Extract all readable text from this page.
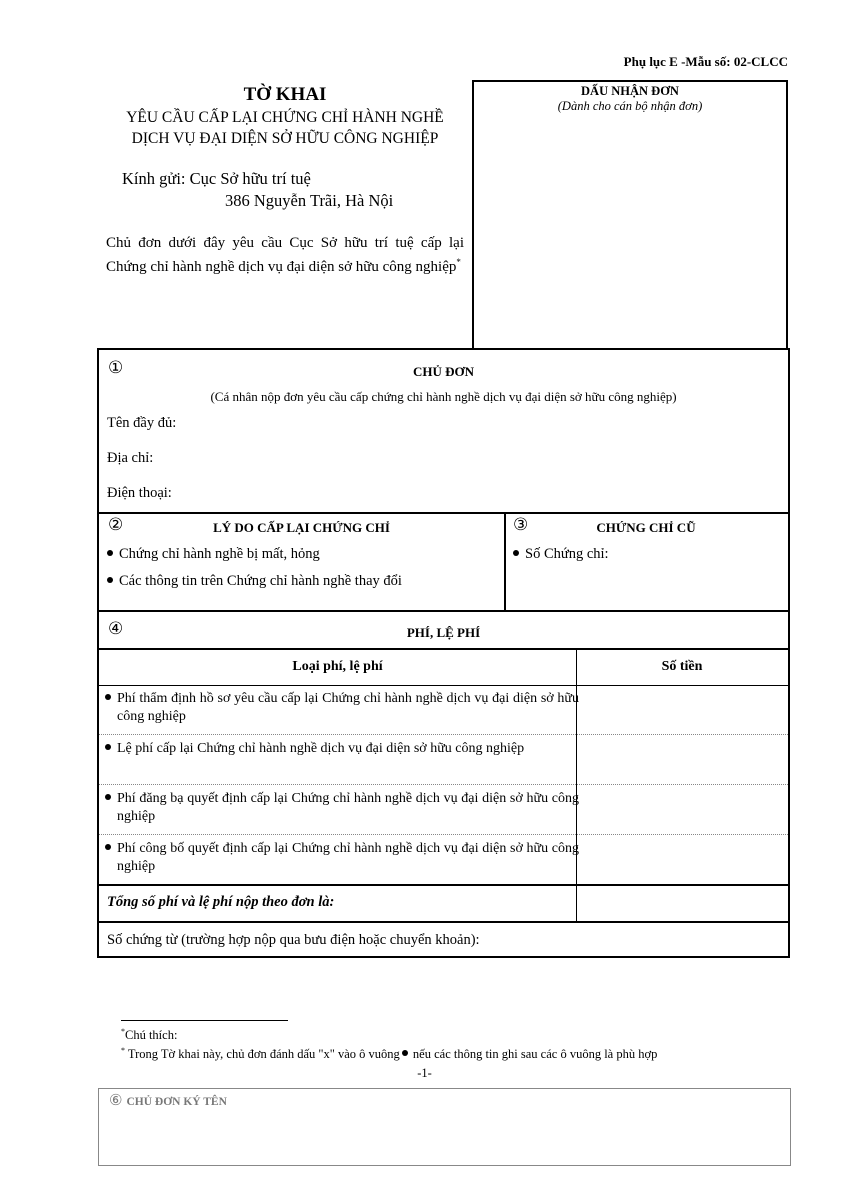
Phụ lục E -Mẫu số: 02-CLCC
TỜ KHAI
YÊU CẦU CẤP LẠI CHỨNG CHỈ HÀNH NGHỀ
DỊCH VỤ ĐẠI DIỆN SỞ HỮU CÔNG NGHIỆP
Kính gửi: Cục Sở hữu trí tuệ
386 Nguyễn Trãi, Hà Nội
Chủ đơn dưới đây yêu cầu Cục Sở hữu trí tuệ cấp lại Chứng chỉ hành nghề dịch vụ đại diện sở hữu công nghiệp*
DẤU NHẬN ĐƠN
(Dành cho cán bộ nhận đơn)
①	CHỦ ĐƠN
(Cá nhân nộp đơn yêu cầu cấp chứng chỉ hành nghề dịch vụ đại diện sở hữu công nghiệp)
Tên đầy đủ:
Địa chỉ:
Điện thoại:
②	LÝ DO CẤP LẠI CHỨNG CHỈ
Chứng chỉ hành nghề bị mất, hỏng
Các thông tin trên Chứng chỉ hành nghề thay đổi
③	CHỨNG CHỈ CŨ
Số Chứng chỉ:
④	PHÍ, LỆ PHÍ
Loại phí, lệ phí	Số tiền
Phí thẩm định hồ sơ yêu cầu cấp lại Chứng chỉ hành nghề dịch vụ đại diện sở hữu công nghiệp
Lệ phí cấp lại Chứng chỉ hành nghề dịch vụ đại diện sở hữu công nghiệp
Phí đăng bạ quyết định cấp lại Chứng chỉ hành nghề dịch vụ đại diện sở hữu công nghiệp
Phí công bố quyết định cấp lại Chứng chỉ hành nghề dịch vụ đại diện sở hữu công nghiệp
Tổng số phí và lệ phí nộp theo đơn là:
Số chứng từ (trường hợp nộp qua bưu điện hoặc chuyển khoản):
*Chú thích:
* Trong Tờ khai này, chủ đơn đánh dấu "x" vào ô vuông nếu các thông tin ghi sau các ô vuông là phù hợp
-1-
⑥ CHỦ ĐƠN KÝ TÊN
